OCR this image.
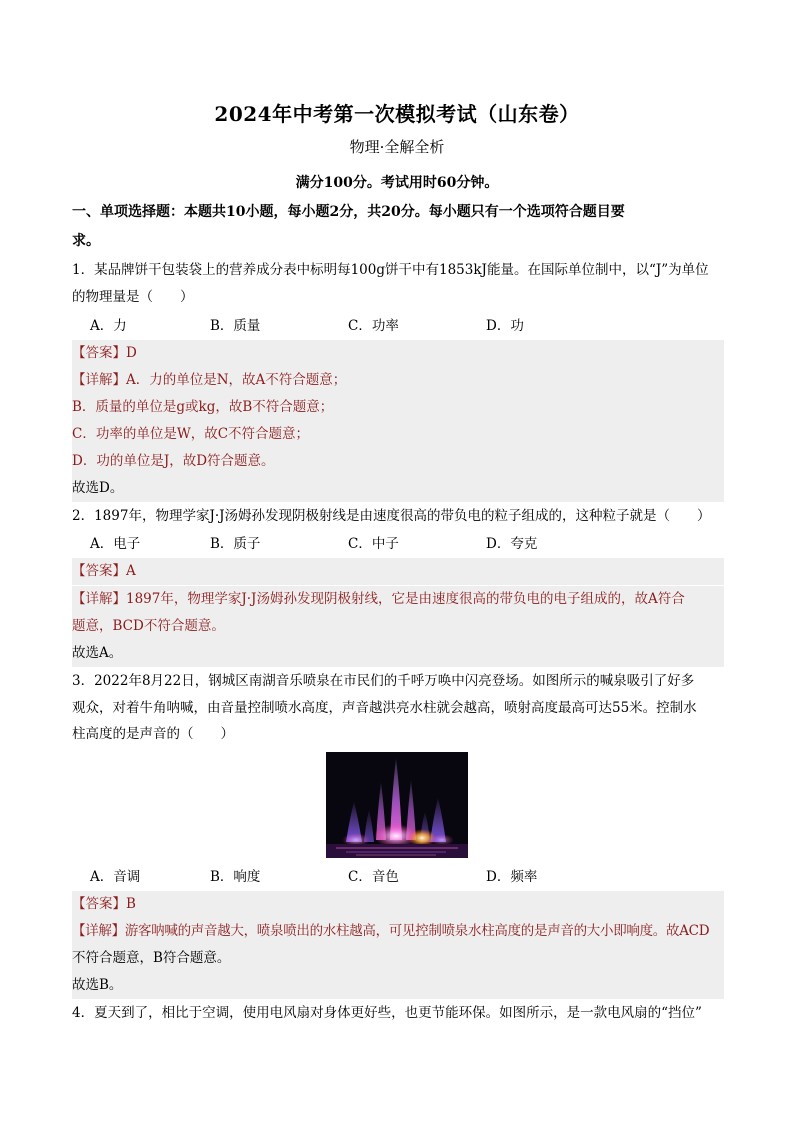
2024年中考第一次模拟考试（山东卷）
物理·全解全析
满分100分。考试用时60分钟。
一、单项选择题：本题共10小题，每小题2分，共20分。每小题只有一个选项符合题目要
求。
1．某品牌饼干包装袋上的营养成分表中标明每100g饼干中有1853kJ能量。在国际单位制中，以“J”为单位
的物理量是（　　）
A．力	B．质量	C．功率	D．功
【答案】D
【详解】A．力的单位是N，故A不符合题意；
B．质量的单位是g或kg，故B不符合题意；
C．功率的单位是W，故C不符合题意；
D．功的单位是J，故D符合题意。
故选D。
2．1897年，物理学家J·J汤姆孙发现阴极射线是由速度很高的带负电的粒子组成的，这种粒子就是（　　）
A．电子	B．质子	C．中子	D．夸克
【答案】A
【详解】1897年，物理学家J·J汤姆孙发现阴极射线，它是由速度很高的带负电的电子组成的，故A符合
题意，BCD不符合题意。
故选A。
3．2022年8月22日，钢城区南湖音乐喷泉在市民们的千呼万唤中闪亮登场。如图所示的喊泉吸引了好多
观众，对着牛角呐喊，由音量控制喷水高度，声音越洪亮水柱就会越高，喷射高度最高可达55米。控制水
柱高度的是声音的（　　）
A．音调	B．响度	C．音色	D．频率
【答案】B
【详解】游客呐喊的声音越大，喷泉喷出的水柱越高，可见控制喷泉水柱高度的是声音的大小即响度。故ACD
不符合题意，B符合题意。
故选B。
4．夏天到了，相比于空调，使用电风扇对身体更好些，也更节能环保。如图所示，是一款电风扇的“挡位”
